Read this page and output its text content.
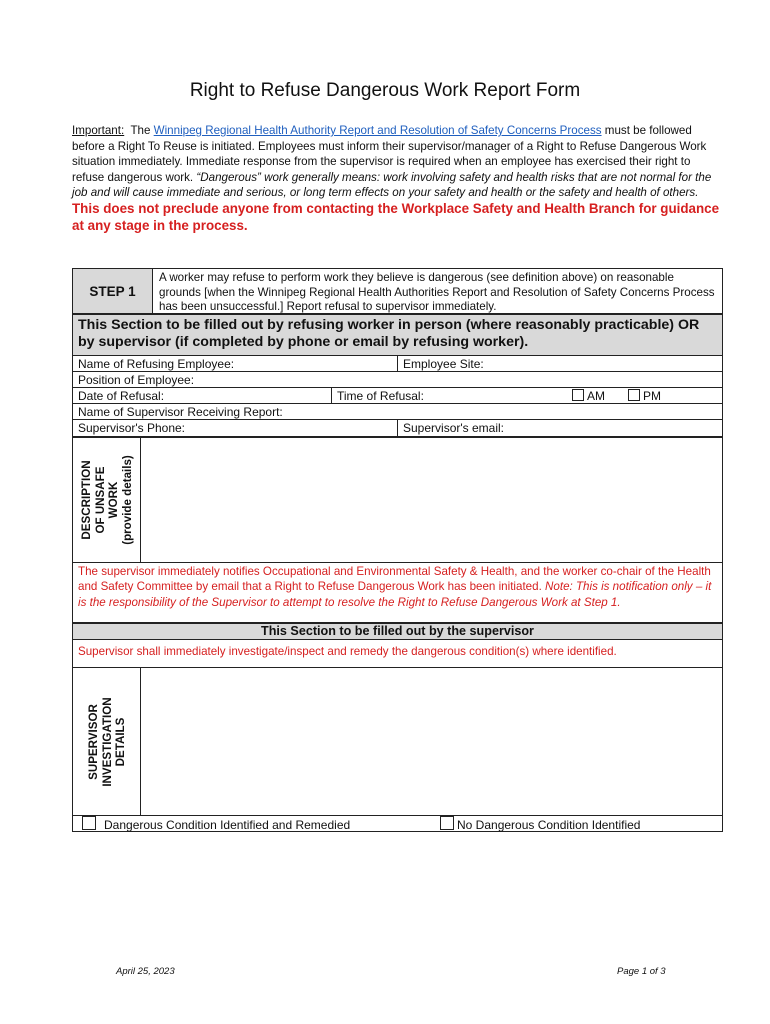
Right to Refuse Dangerous Work Report Form
Important: The Winnipeg Regional Health Authority Report and Resolution of Safety Concerns Process must be followed before a Right To Reuse is initiated. Employees must inform their supervisor/manager of a Right to Refuse Dangerous Work situation immediately. Immediate response from the supervisor is required when an employee has exercised their right to refuse dangerous work. “Dangerous” work generally means: work involving safety and health risks that are not normal for the job and will cause immediate and serious, or long term effects on your safety and health or the safety and health of others. This does not preclude anyone from contacting the Workplace Safety and Health Branch for guidance at any stage in the process.
STEP 1
A worker may refuse to perform work they believe is dangerous (see definition above) on reasonable grounds [when the Winnipeg Regional Health Authorities Report and Resolution of Safety Concerns Process has been unsuccessful.] Report refusal to supervisor immediately.
This Section to be filled out by refusing worker in person (where reasonably practicable) OR by supervisor (if completed by phone or email by refusing worker).
Name of Refusing Employee:	Employee Site:
Position of Employee:
Date of Refusal:	Time of Refusal:	AM	PM
Name of Supervisor Receiving Report:
Supervisor's Phone:	Supervisor's email:
DESCRIPTION
OF UNSAFE
WORK
(provide details)
The supervisor immediately notifies Occupational and Environmental Safety & Health, and the worker co-chair of the Health and Safety Committee by email that a Right to Refuse Dangerous Work has been initiated. Note: This is notification only – it is the responsibility of the Supervisor to attempt to resolve the Right to Refuse Dangerous Work at Step 1.
This Section to be filled out by the supervisor
Supervisor shall immediately investigate/inspect and remedy the dangerous condition(s) where identified.
SUPERVISOR
INVESTIGATION
DETAILS
Dangerous Condition Identified and Remedied	No Dangerous Condition Identified
April 25, 2023	Page 1 of 3
